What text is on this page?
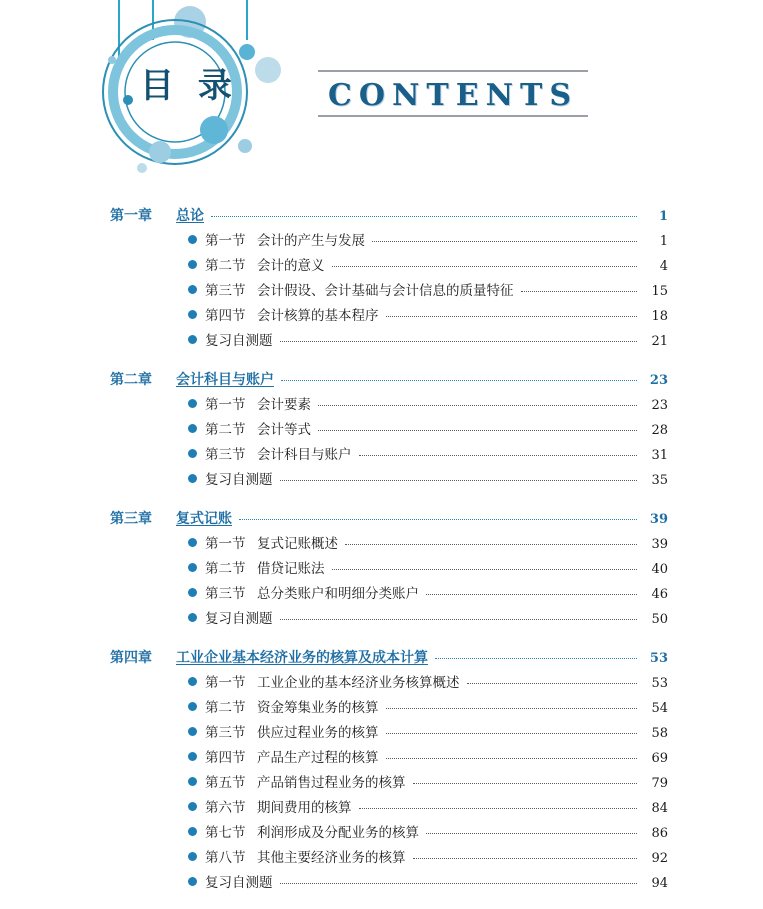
目 录	CONTENTS
第一章	总论	1
第一节 会计的产生与发展	1
第二节 会计的意义	4
第三节 会计假设、会计基础与会计信息的质量特征	15
第四节 会计核算的基本程序	18
复习自测题	21
第二章	会计科目与账户	23
第一节 会计要素	23
第二节 会计等式	28
第三节 会计科目与账户	31
复习自测题	35
第三章	复式记账	39
第一节 复式记账概述	39
第二节 借贷记账法	40
第三节 总分类账户和明细分类账户	46
复习自测题	50
第四章	工业企业基本经济业务的核算及成本计算	53
第一节 工业企业的基本经济业务核算概述	53
第二节 资金筹集业务的核算	54
第三节 供应过程业务的核算	58
第四节 产品生产过程的核算	69
第五节 产品销售过程业务的核算	79
第六节 期间费用的核算	84
第七节 利润形成及分配业务的核算	86
第八节 其他主要经济业务的核算	92
复习自测题	94
